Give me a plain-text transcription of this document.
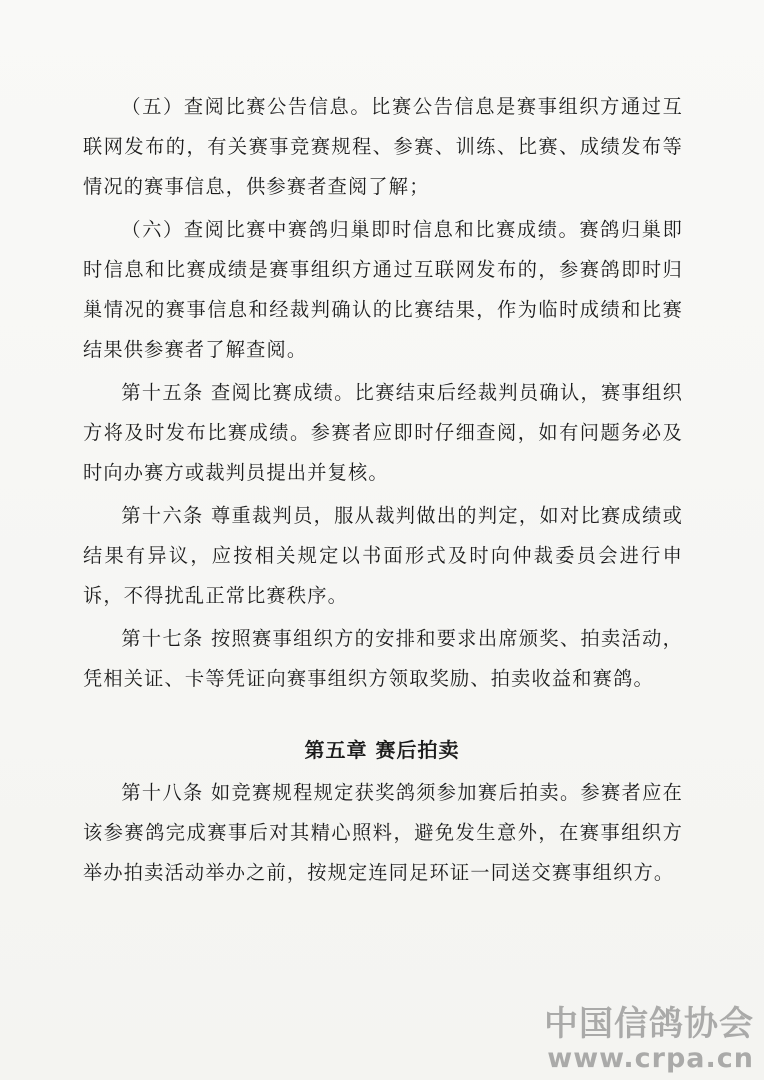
（五）查阅比赛公告信息。比赛公告信息是赛事组织方通过互联网发布的，有关赛事竞赛规程、参赛、训练、比赛、成绩发布等情况的赛事信息，供参赛者查阅了解；

（六）查阅比赛中赛鸽归巢即时信息和比赛成绩。赛鸽归巢即时信息和比赛成绩是赛事组织方通过互联网发布的，参赛鸽即时归巢情况的赛事信息和经裁判确认的比赛结果，作为临时成绩和比赛结果供参赛者了解查阅。

第十五条 查阅比赛成绩。比赛结束后经裁判员确认，赛事组织方将及时发布比赛成绩。参赛者应即时仔细查阅，如有问题务必及时向办赛方或裁判员提出并复核。

第十六条 尊重裁判员，服从裁判做出的判定，如对比赛成绩或结果有异议，应按相关规定以书面形式及时向仲裁委员会进行申诉，不得扰乱正常比赛秩序。

第十七条 按照赛事组织方的安排和要求出席颁奖、拍卖活动，凭相关证、卡等凭证向赛事组织方领取奖励、拍卖收益和赛鸽。

第五章 赛后拍卖

第十八条 如竞赛规程规定获奖鸽须参加赛后拍卖。参赛者应在该参赛鸽完成赛事后对其精心照料，避免发生意外，在赛事组织方举办拍卖活动举办之前，按规定连同足环证一同送交赛事组织方。

中国信鸽协会
www.crpa.cn
